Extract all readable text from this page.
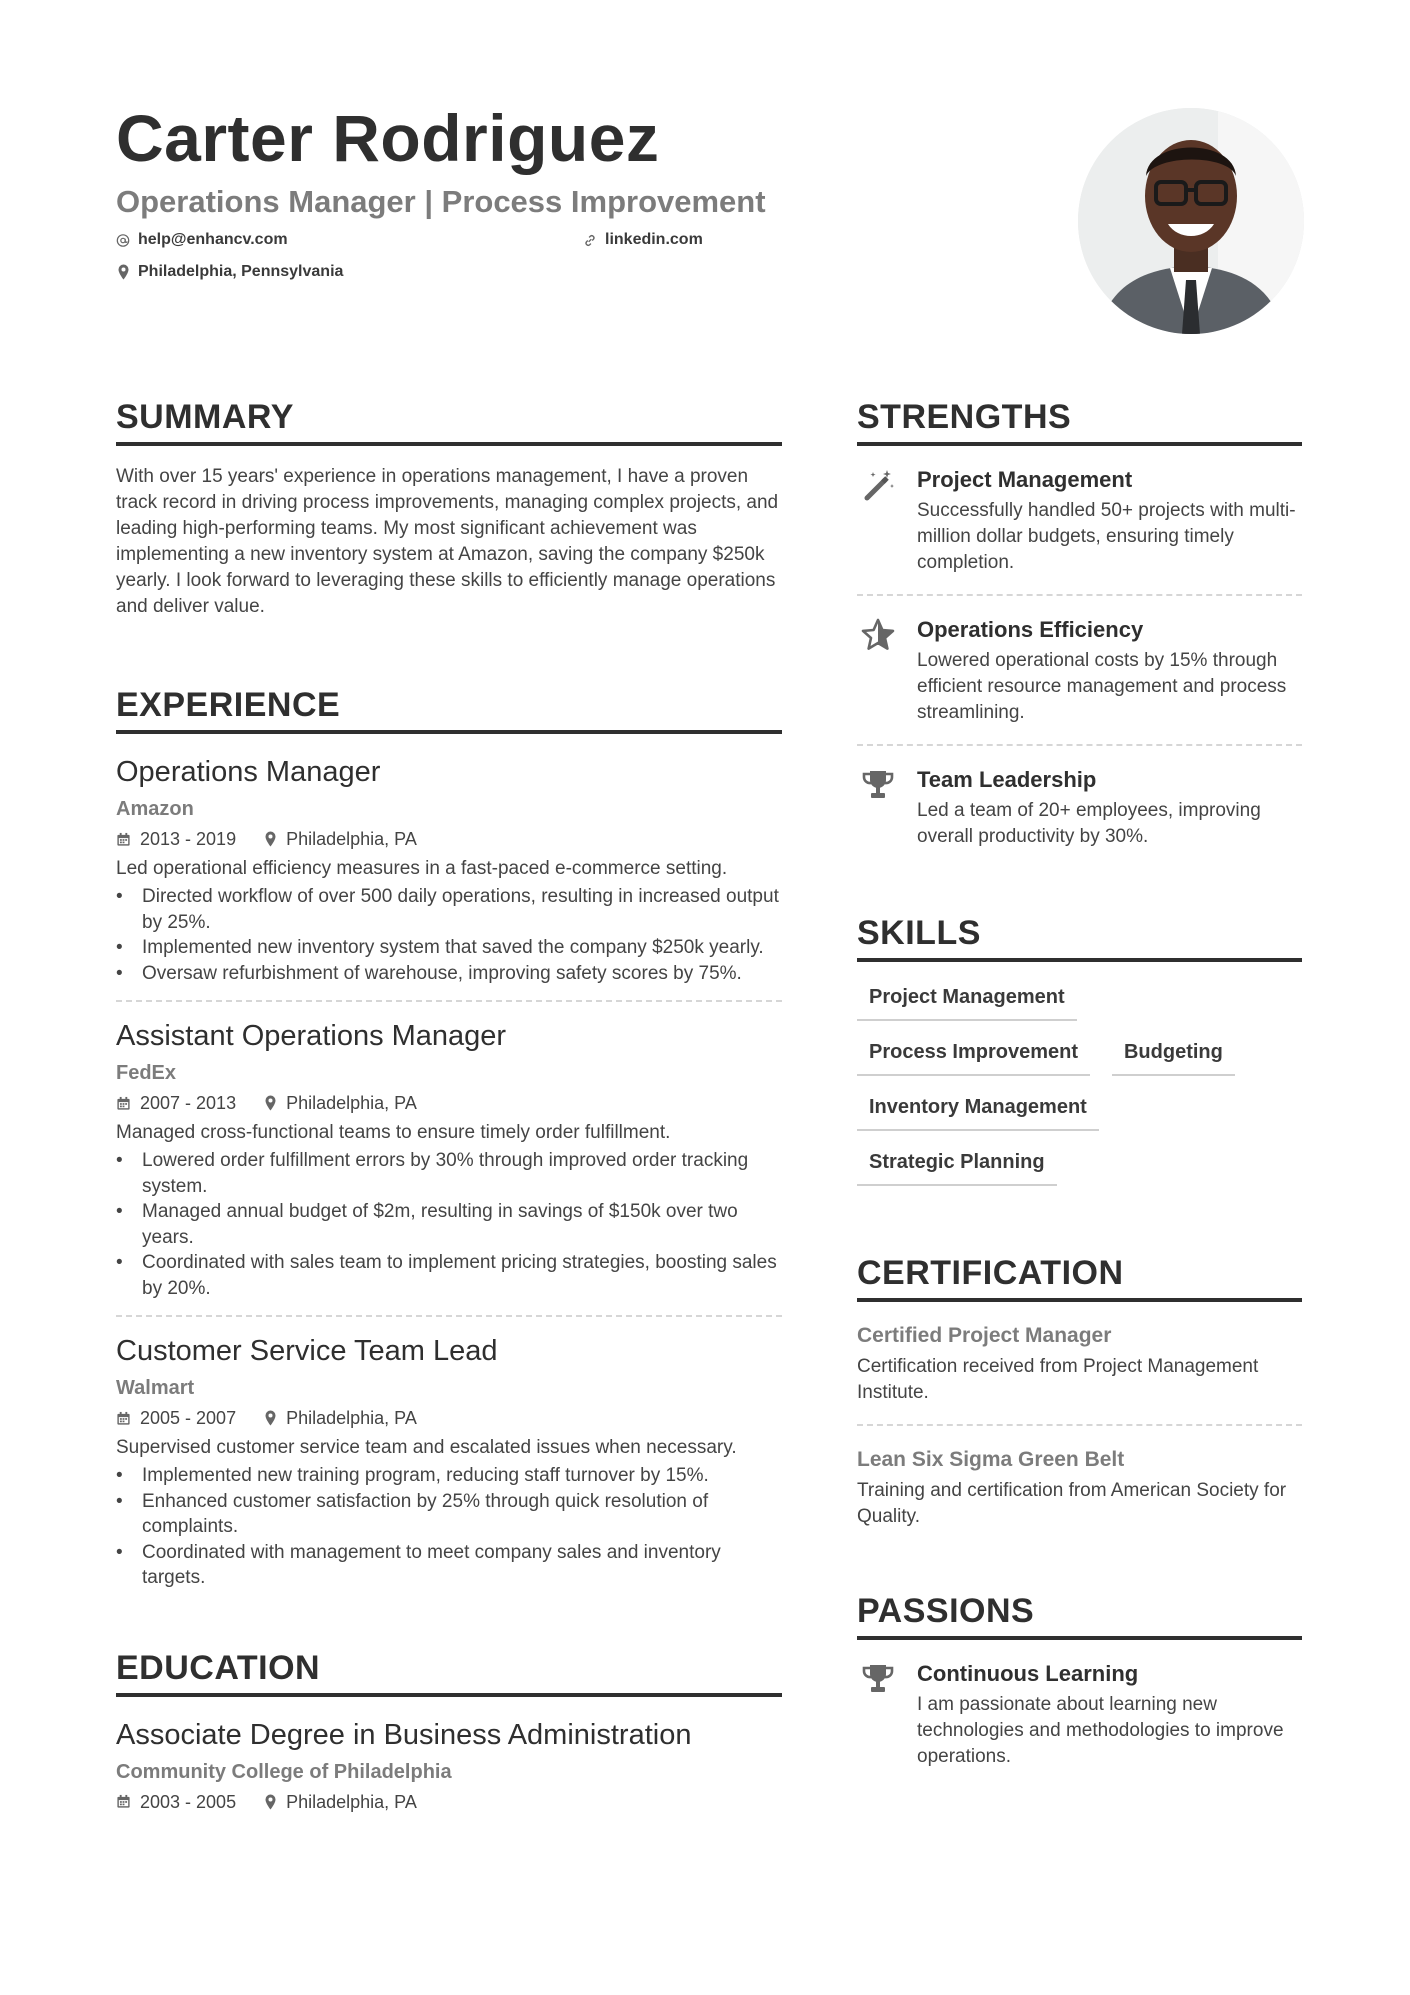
Carter Rodriguez
Operations Manager | Process Improvement
help@enhancv.com	linkedin.com
Philadelphia, Pennsylvania
SUMMARY
With over 15 years' experience in operations management, I have a proven track record in driving process improvements, managing complex projects, and leading high-performing teams. My most significant achievement was implementing a new inventory system at Amazon, saving the company $250k yearly. I look forward to leveraging these skills to efficiently manage operations and deliver value.
EXPERIENCE
Operations Manager
Amazon
2013 - 2019	Philadelphia, PA
Led operational efficiency measures in a fast-paced e-commerce setting.
• Directed workflow of over 500 daily operations, resulting in increased output by 25%.
• Implemented new inventory system that saved the company $250k yearly.
• Oversaw refurbishment of warehouse, improving safety scores by 75%.
Assistant Operations Manager
FedEx
2007 - 2013	Philadelphia, PA
Managed cross-functional teams to ensure timely order fulfillment.
• Lowered order fulfillment errors by 30% through improved order tracking system.
• Managed annual budget of $2m, resulting in savings of $150k over two years.
• Coordinated with sales team to implement pricing strategies, boosting sales by 20%.
Customer Service Team Lead
Walmart
2005 - 2007	Philadelphia, PA
Supervised customer service team and escalated issues when necessary.
• Implemented new training program, reducing staff turnover by 15%.
• Enhanced customer satisfaction by 25% through quick resolution of complaints.
• Coordinated with management to meet company sales and inventory targets.
EDUCATION
Associate Degree in Business Administration
Community College of Philadelphia
2003 - 2005	Philadelphia, PA
STRENGTHS
Project Management
Successfully handled 50+ projects with multi-million dollar budgets, ensuring timely completion.
Operations Efficiency
Lowered operational costs by 15% through efficient resource management and process streamlining.
Team Leadership
Led a team of 20+ employees, improving overall productivity by 30%.
SKILLS
Project Management
Process Improvement	Budgeting
Inventory Management
Strategic Planning
CERTIFICATION
Certified Project Manager
Certification received from Project Management Institute.
Lean Six Sigma Green Belt
Training and certification from American Society for Quality.
PASSIONS
Continuous Learning
I am passionate about learning new technologies and methodologies to improve operations.
